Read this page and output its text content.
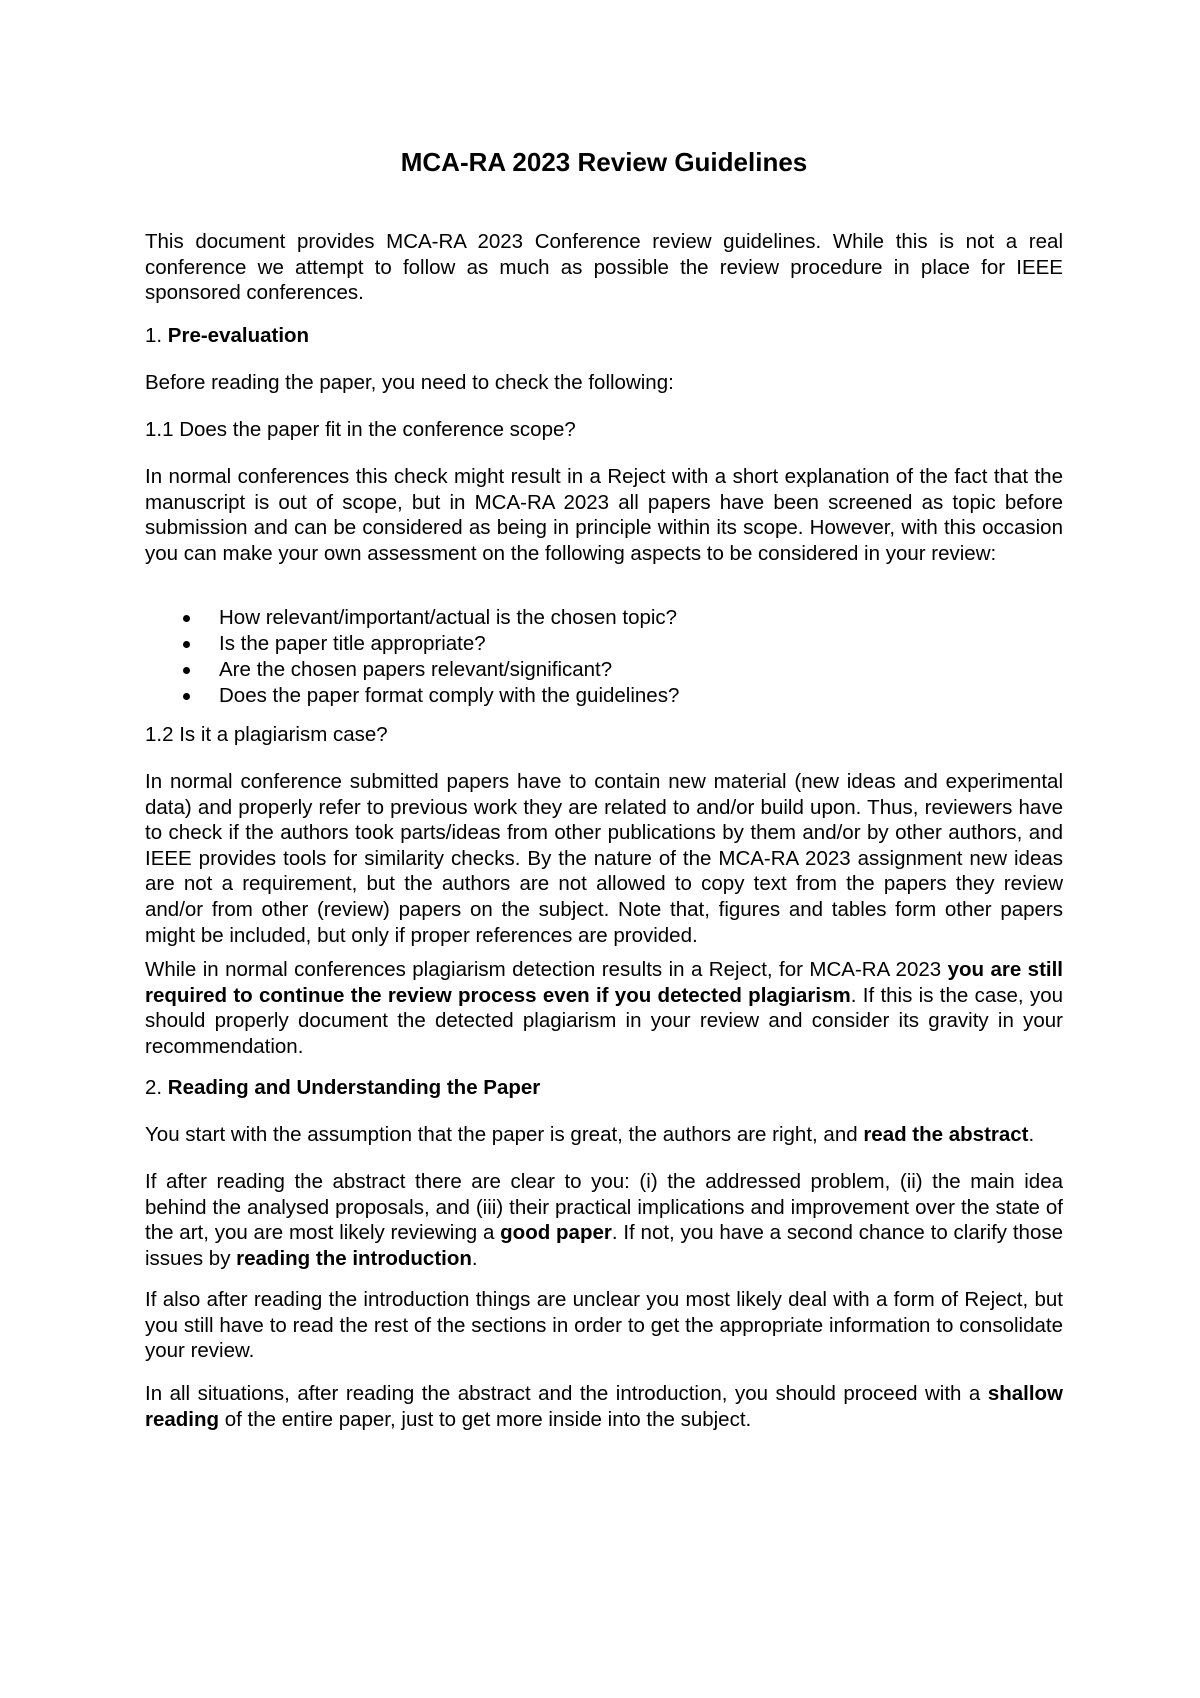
MCA-RA 2023 Review Guidelines

This document provides MCA-RA 2023 Conference review guidelines. While this is not a real conference we attempt to follow as much as possible the review procedure in place for IEEE sponsored conferences.

1. Pre-evaluation

Before reading the paper, you need to check the following:

1.1 Does the paper fit in the conference scope?

In normal conferences this check might result in a Reject with a short explanation of the fact that the manuscript is out of scope, but in MCA-RA 2023 all papers have been screened as topic before submission and can be considered as being in principle within its scope. However, with this occasion you can make your own assessment on the following aspects to be considered in your review:

How relevant/important/actual is the chosen topic?
Is the paper title appropriate?
Are the chosen papers relevant/significant?
Does the paper format comply with the guidelines?

1.2 Is it a plagiarism case?

In normal conference submitted papers have to contain new material (new ideas and experimental data) and properly refer to previous work they are related to and/or build upon. Thus, reviewers have to check if the authors took parts/ideas from other publications by them and/or by other authors, and IEEE provides tools for similarity checks. By the nature of the MCA-RA 2023 assignment new ideas are not a requirement, but the authors are not allowed to copy text from the papers they review and/or from other (review) papers on the subject. Note that, figures and tables form other papers might be included, but only if proper references are provided.

While in normal conferences plagiarism detection results in a Reject, for MCA-RA 2023 you are still required to continue the review process even if you detected plagiarism. If this is the case, you should properly document the detected plagiarism in your review and consider its gravity in your recommendation.

2. Reading and Understanding the Paper

You start with the assumption that the paper is great, the authors are right, and read the abstract.

If after reading the abstract there are clear to you: (i) the addressed problem, (ii) the main idea behind the analysed proposals, and (iii) their practical implications and improvement over the state of the art, you are most likely reviewing a good paper. If not, you have a second chance to clarify those issues by reading the introduction.

If also after reading the introduction things are unclear you most likely deal with a form of Reject, but you still have to read the rest of the sections in order to get the appropriate information to consolidate your review.

In all situations, after reading the abstract and the introduction, you should proceed with a shallow reading of the entire paper, just to get more inside into the subject.
